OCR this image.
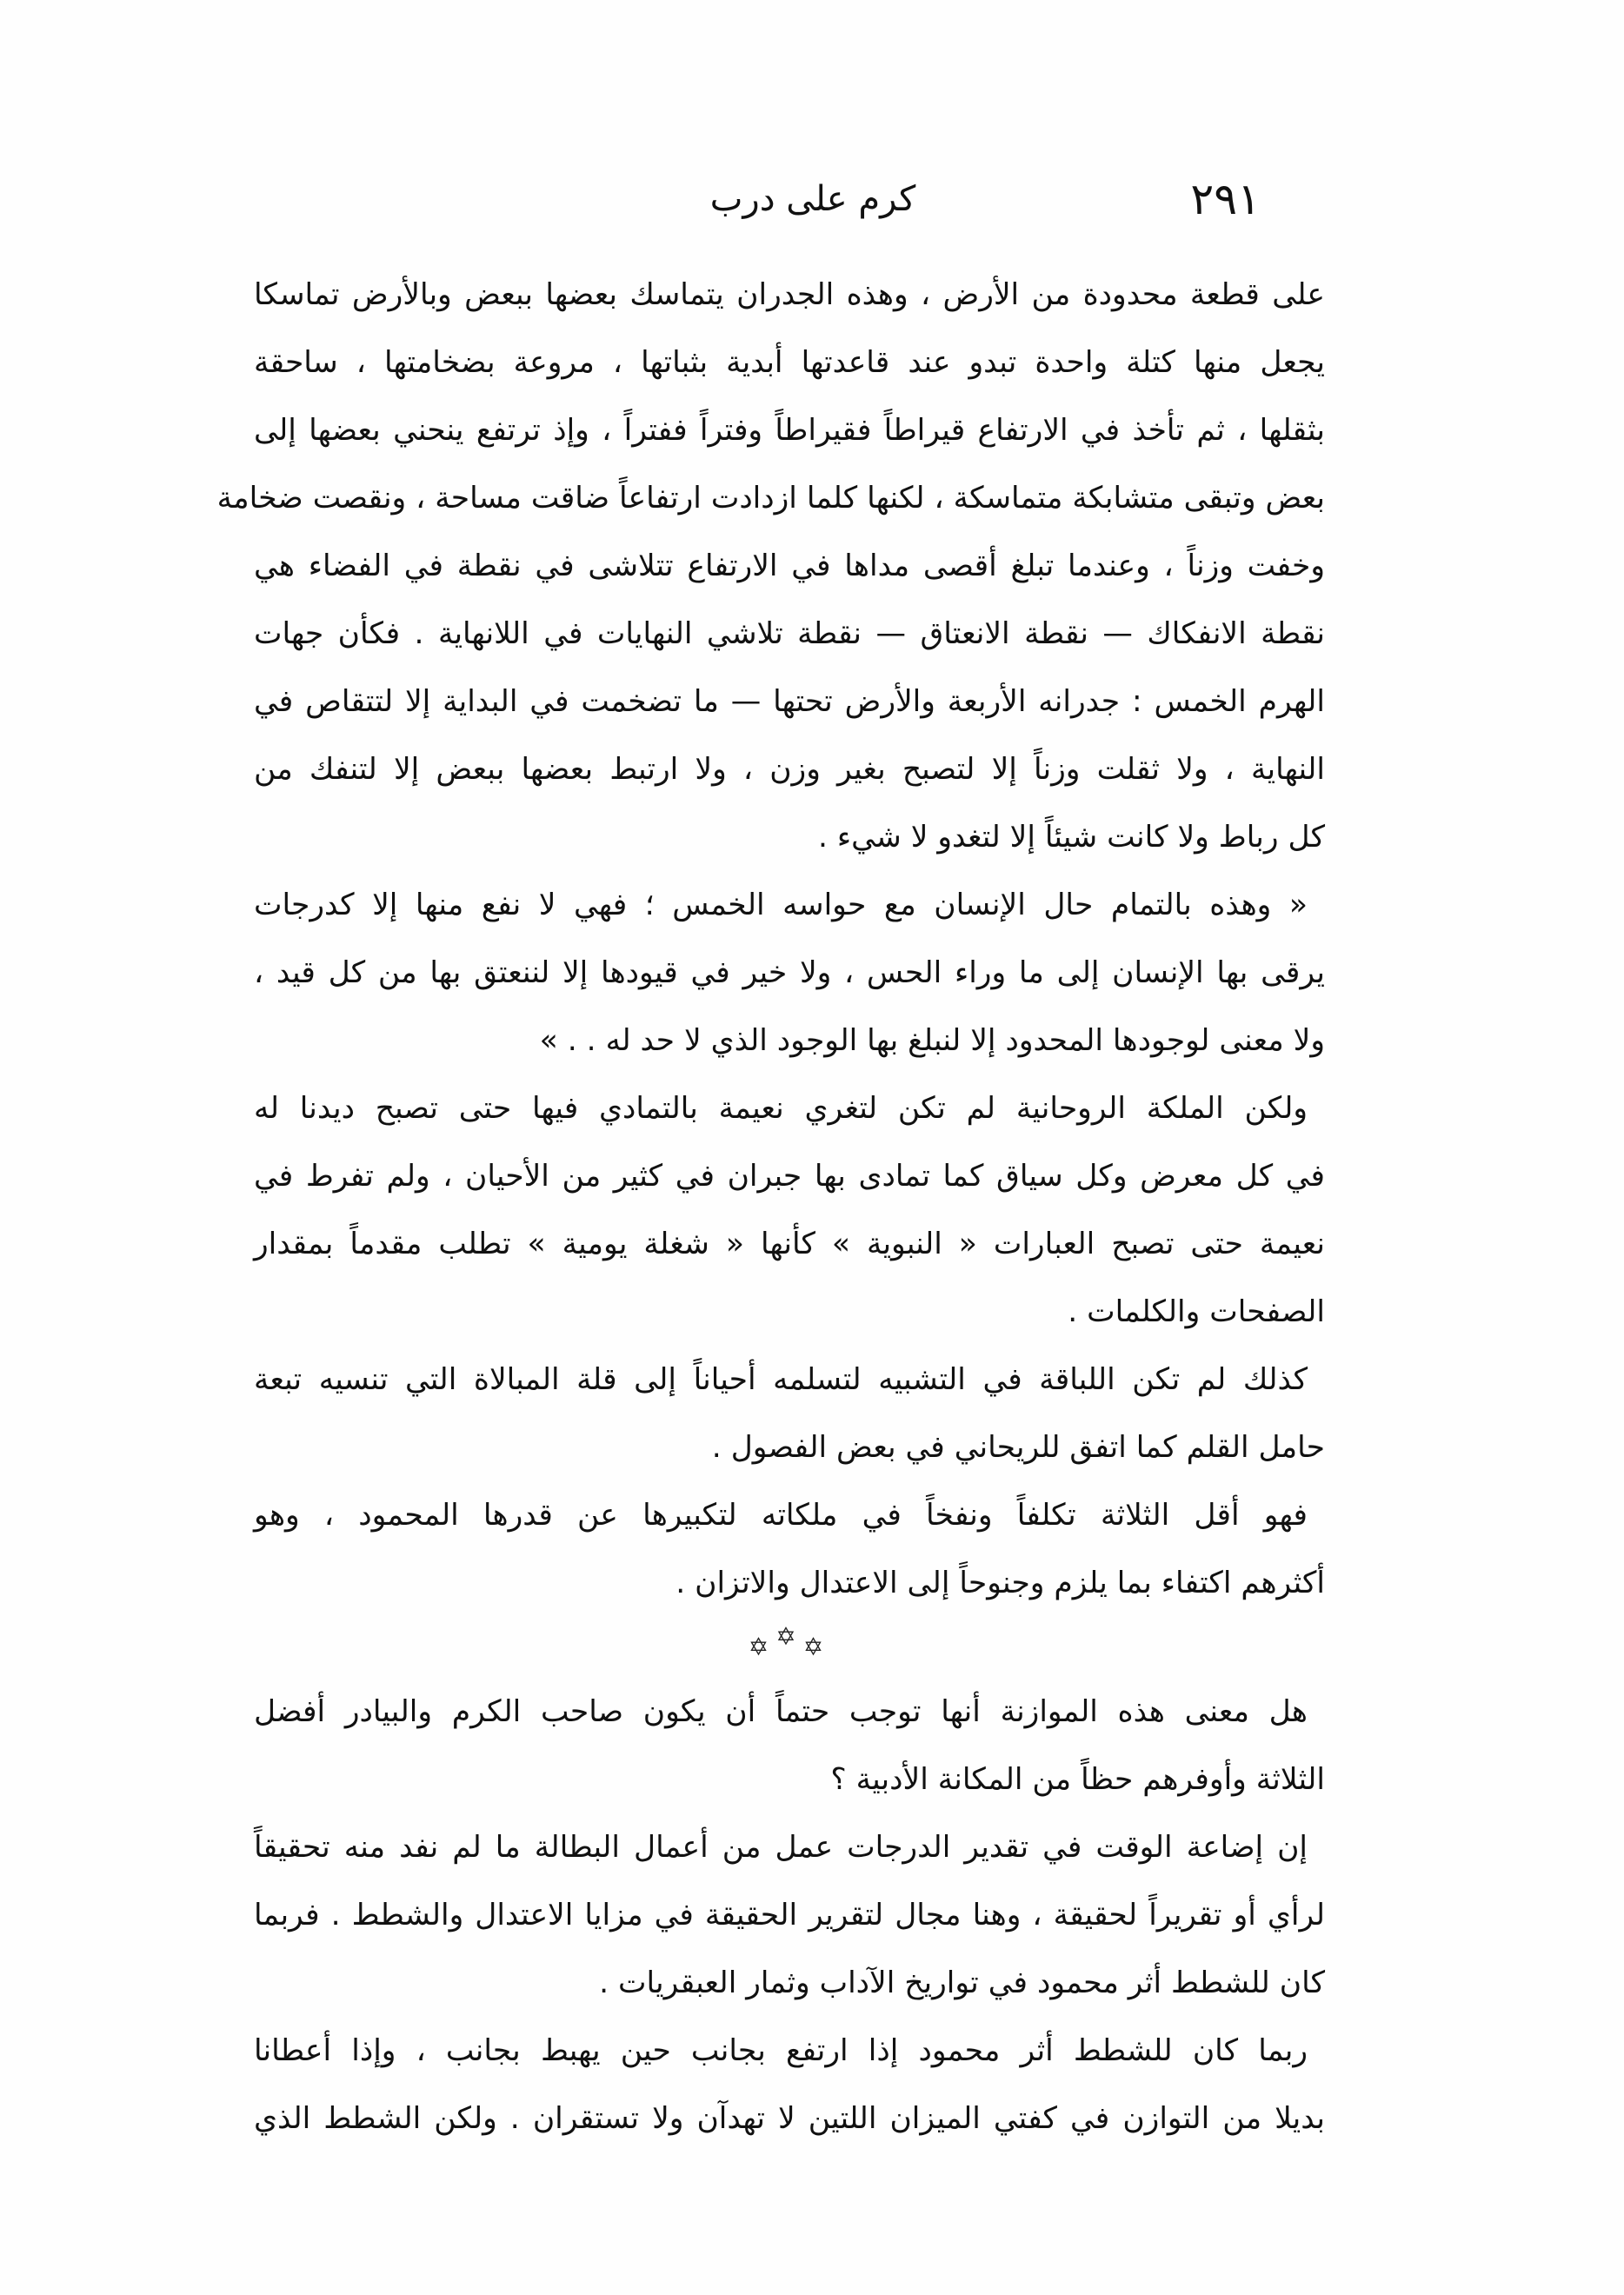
كرم على درب	٢٩١
على قطعة محدودة من الأرض ، وهذه الجدران يتماسك بعضها ببعض وبالأرض تماسكا
يجعل منها كتلة واحدة تبدو عند قاعدتها أبدية بثباتها ، مروعة بضخامتها ، ساحقة
بثقلها ، ثم تأخذ في الارتفاع قيراطاً فقيراطاً وفتراً ففتراً ، وإذ ترتفع ينحني بعضها إلى
بعض وتبقى متشابكة متماسكة ، لكنها كلما ازدادت ارتفاعاً ضاقت مساحة ، ونقصت ضخامة
وخفت وزناً ، وعندما تبلغ أقصى مداها في الارتفاع تتلاشى في نقطة في الفضاء هي
نقطة الانفكاك — نقطة الانعتاق — نقطة تلاشي النهايات في اللانهاية . فكأن جهات
الهرم الخمس : جدرانه الأربعة والأرض تحتها — ما تضخمت في البداية إلا لتتقاص في
النهاية ، ولا ثقلت وزناً إلا لتصبح بغير وزن ، ولا ارتبط بعضها ببعض إلا لتنفك من
كل رباط ولا كانت شيئاً إلا لتغدو لا شيء .
« وهذه بالتمام حال الإنسان مع حواسه الخمس ؛ فهي لا نفع منها إلا كدرجات
يرقى بها الإنسان إلى ما وراء الحس ، ولا خير في قيودها إلا لننعتق بها من كل قيد ،
ولا معنى لوجودها المحدود إلا لنبلغ بها الوجود الذي لا حد له . . »
ولكن الملكة الروحانية لم تكن لتغري نعيمة بالتمادي فيها حتى تصبح ديدنا له
في كل معرض وكل سياق كما تمادى بها جبران في كثير من الأحيان ، ولم تفرط في
نعيمة حتى تصبح العبارات « النبوية » كأنها « شغلة يومية » تطلب مقدماً بمقدار
الصفحات والكلمات .
كذلك لم تكن اللباقة في التشبيه لتسلمه أحياناً إلى قلة المبالاة التي تنسيه تبعة
حامل القلم كما اتفق للريحاني في بعض الفصول .
فهو أقل الثلاثة تكلفاً ونفخاً في ملكاته لتكبيرها عن قدرها المحمود ، وهو
أكثرهم اكتفاء بما يلزم وجنوحاً إلى الاعتدال والاتزان .
✡✡✡
هل معنى هذه الموازنة أنها توجب حتماً أن يكون صاحب الكرم والبيادر أفضل
الثلاثة وأوفرهم حظاً من المكانة الأدبية ؟
إن إضاعة الوقت في تقدير الدرجات عمل من أعمال البطالة ما لم نفد منه تحقيقاً
لرأي أو تقريراً لحقيقة ، وهنا مجال لتقرير الحقيقة في مزايا الاعتدال والشطط . فربما
كان للشطط أثر محمود في تواريخ الآداب وثمار العبقريات .
ربما كان للشطط أثر محمود إذا ارتفع بجانب حين يهبط بجانب ، وإذا أعطانا
بديلا من التوازن في كفتي الميزان اللتين لا تهدآن ولا تستقران . ولكن الشطط الذي
